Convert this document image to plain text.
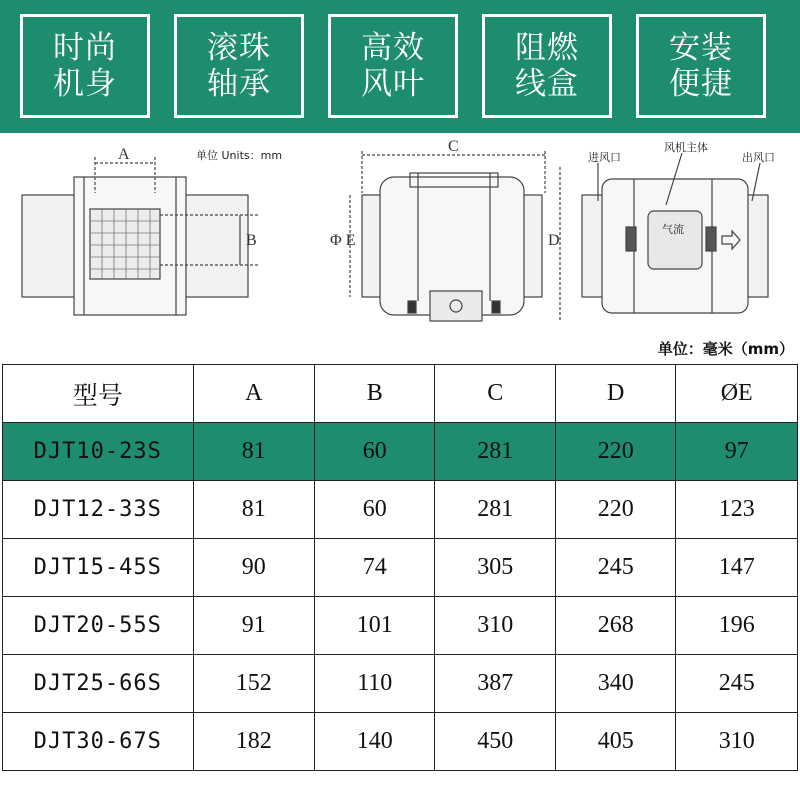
时尚
机身
滚珠
轴承
高效
风叶
阻燃
线盒
安装
便捷
A
B
单位 Units：mm
C
D
Φ E
进风口
风机主体
出风口
气流
单位：毫米（mm）
型号	A	B	C	D	ØE
DJT10-23S	81	60	281	220	97
DJT12-33S	81	60	281	220	123
DJT15-45S	90	74	305	245	147
DJT20-55S	91	101	310	268	196
DJT25-66S	152	110	387	340	245
DJT30-67S	182	140	450	405	310
